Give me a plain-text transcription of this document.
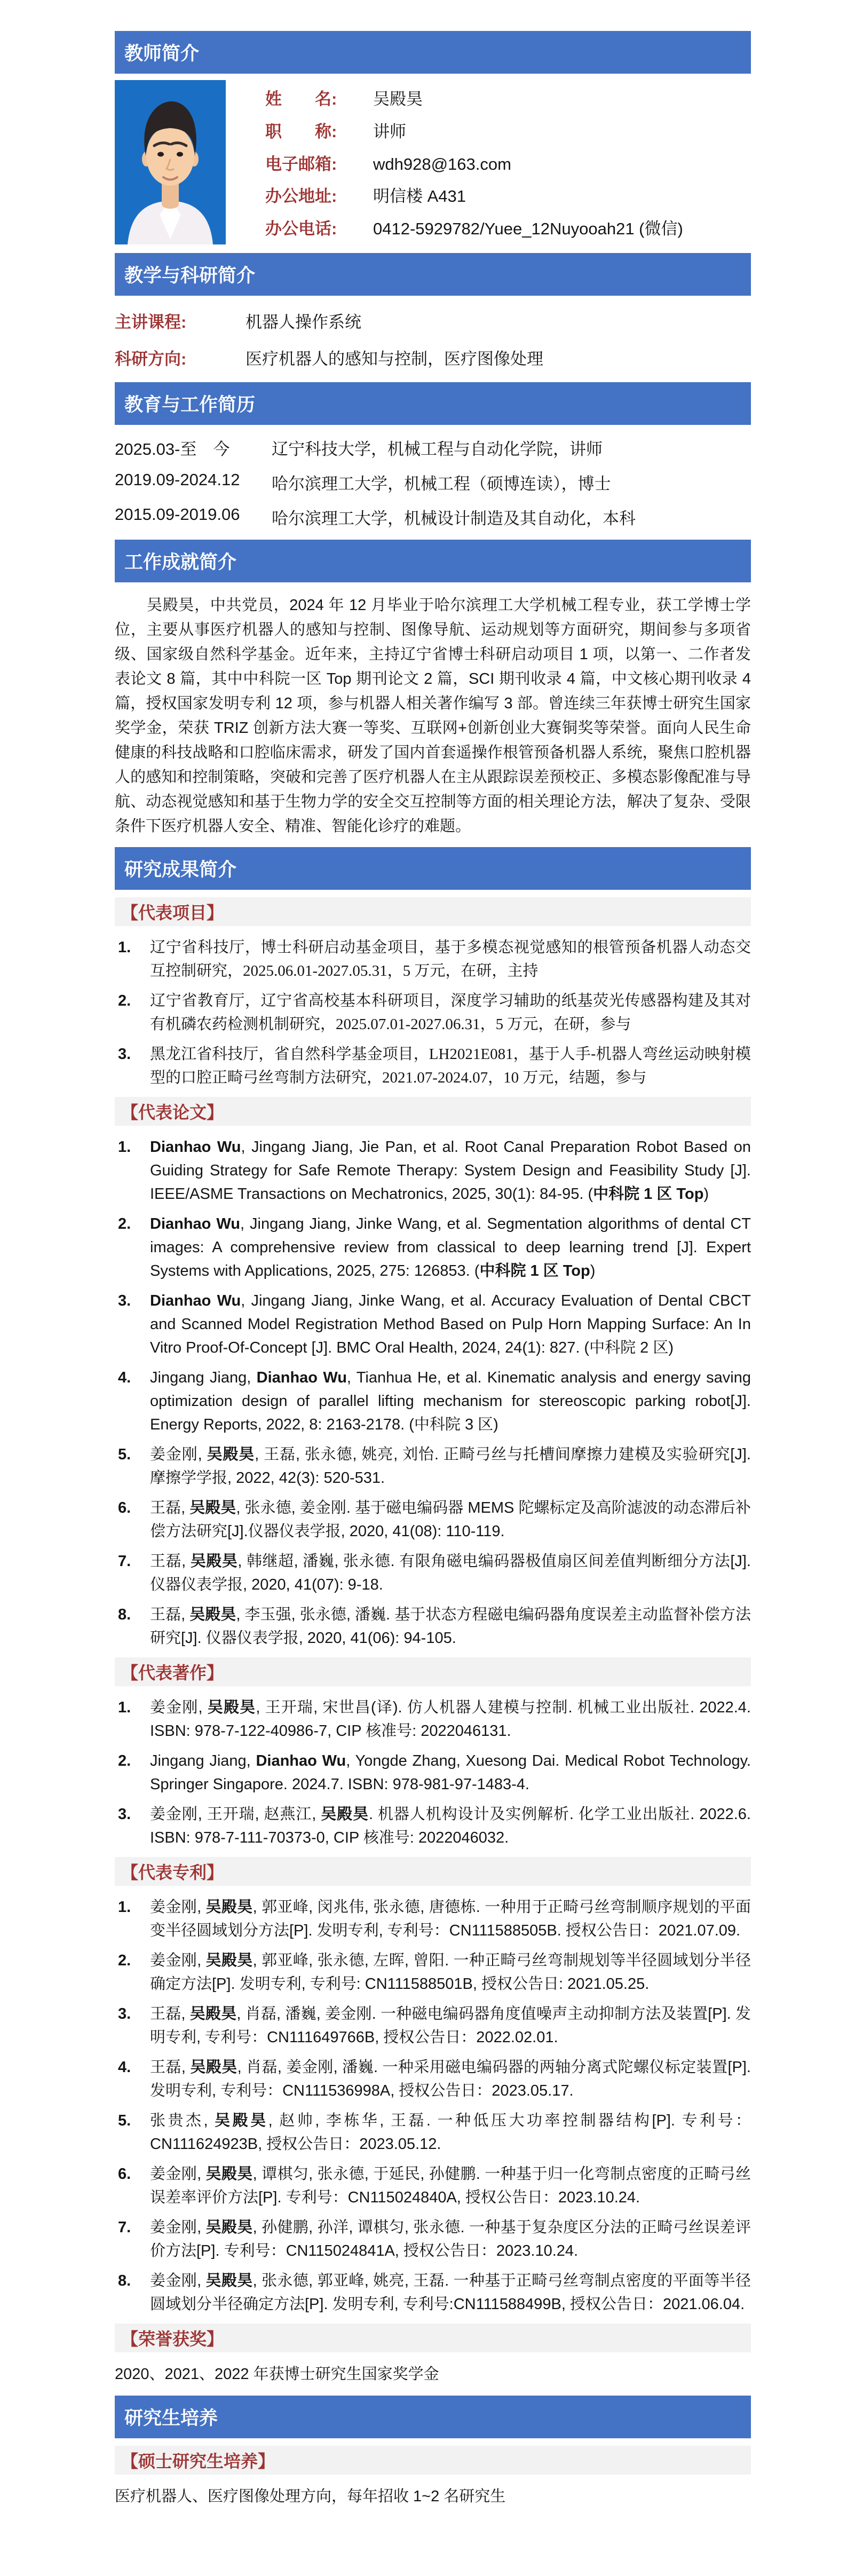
教师简介
姓　　名:	吴殿昊
职　　称:	讲师
电子邮箱:	wdh928@163.com
办公地址:	明信楼 A431
办公电话:	0412-5929782/Yuee_12Nuyooah21 (微信)
教学与科研简介
主讲课程:	机器人操作系统
科研方向:	医疗机器人的感知与控制，医疗图像处理
教育与工作简历
2025.03-至　今	辽宁科技大学，机械工程与自动化学院，讲师
2019.09-2024.12	哈尔滨理工大学，机械工程（硕博连读），博士
2015.09-2019.06	哈尔滨理工大学，机械设计制造及其自动化，本科
工作成就简介

吴殿昊，中共党员，2024 年 12 月毕业于哈尔滨理工大学机械工程专业，获工学博士学位，主要从事医疗机器人的感知与控制、图像导航、运动规划等方面研究，期间参与多项省级、国家级自然科学基金。近年来，主持辽宁省博士科研启动项目 1 项，以第一、二作者发表论文 8 篇，其中中科院一区 Top 期刊论文 2 篇，SCI 期刊收录 4 篇，中文核心期刊收录 4 篇，授权国家发明专利 12 项，参与机器人相关著作编写 3 部。曾连续三年获博士研究生国家奖学金，荣获 TRIZ 创新方法大赛一等奖、互联网+创新创业大赛铜奖等荣誉。面向人民生命健康的科技战略和口腔临床需求，研发了国内首套遥操作根管预备机器人系统，聚焦口腔机器人的感知和控制策略，突破和完善了医疗机器人在主从跟踪误差预校正、多模态影像配准与导航、动态视觉感知和基于生物力学的安全交互控制等方面的相关理论方法，解决了复杂、受限条件下医疗机器人安全、精准、智能化诊疗的难题。

研究成果简介
【代表项目】
1. 辽宁省科技厅，博士科研启动基金项目，基于多模态视觉感知的根管预备机器人动态交互控制研究，2025.06.01-2027.05.31，5 万元，在研，主持
2. 辽宁省教育厅，辽宁省高校基本科研项目，深度学习辅助的纸基荧光传感器构建及其对有机磷农药检测机制研究，2025.07.01-2027.06.31，5 万元，在研，参与
3. 黑龙江省科技厅，省自然科学基金项目，LH2021E081，基于人手-机器人弯丝运动映射模型的口腔正畸弓丝弯制方法研究，2021.07-2024.07，10 万元，结题，参与
【代表论文】
1. Dianhao Wu, Jingang Jiang, Jie Pan, et al. Root Canal Preparation Robot Based on Guiding Strategy for Safe Remote Therapy: System Design and Feasibility Study [J]. IEEE/ASME Transactions on Mechatronics, 2025, 30(1): 84-95. (中科院 1 区 Top)
2. Dianhao Wu, Jingang Jiang, Jinke Wang, et al. Segmentation algorithms of dental CT images: A comprehensive review from classical to deep learning trend [J]. Expert Systems with Applications, 2025, 275: 126853. (中科院 1 区 Top)
3. Dianhao Wu, Jingang Jiang, Jinke Wang, et al. Accuracy Evaluation of Dental CBCT and Scanned Model Registration Method Based on Pulp Horn Mapping Surface: An In Vitro Proof-Of-Concept [J]. BMC Oral Health, 2024, 24(1): 827. (中科院 2 区)
4. Jingang Jiang, Dianhao Wu, Tianhua He, et al. Kinematic analysis and energy saving optimization design of parallel lifting mechanism for stereoscopic parking robot[J]. Energy Reports, 2022, 8: 2163-2178. (中科院 3 区)
5. 姜金刚, 吴殿昊, 王磊, 张永德, 姚亮, 刘怡. 正畸弓丝与托槽间摩擦力建模及实验研究[J]. 摩擦学学报, 2022, 42(3): 520-531.
6. 王磊, 吴殿昊, 张永德, 姜金刚. 基于磁电编码器 MEMS 陀螺标定及高阶滤波的动态滞后补偿方法研究[J].仪器仪表学报, 2020, 41(08): 110-119.
7. 王磊, 吴殿昊, 韩继超, 潘巍, 张永德. 有限角磁电编码器极值扇区间差值判断细分方法[J].仪器仪表学报, 2020, 41(07): 9-18.
8. 王磊, 吴殿昊, 李玉强, 张永德, 潘巍. 基于状态方程磁电编码器角度误差主动监督补偿方法研究[J]. 仪器仪表学报, 2020, 41(06): 94-105.
【代表著作】
1. 姜金刚, 吴殿昊, 王开瑞, 宋世昌(译). 仿人机器人建模与控制. 机械工业出版社. 2022.4. ISBN: 978-7-122-40986-7, CIP 核准号: 2022046131.
2. Jingang Jiang, Dianhao Wu, Yongde Zhang, Xuesong Dai. Medical Robot Technology. Springer Singapore. 2024.7. ISBN: 978-981-97-1483-4.
3. 姜金刚, 王开瑞, 赵燕江, 吴殿昊. 机器人机构设计及实例解析. 化学工业出版社. 2022.6. ISBN: 978-7-111-70373-0, CIP 核准号: 2022046032.
【代表专利】
1. 姜金刚, 吴殿昊, 郭亚峰, 闵兆伟, 张永德, 唐德栋. 一种用于正畸弓丝弯制顺序规划的平面变半径圆域划分方法[P]. 发明专利, 专利号：CN111588505B. 授权公告日：2021.07.09.
2. 姜金刚, 吴殿昊, 郭亚峰, 张永德, 左晖, 曾阳. 一种正畸弓丝弯制规划等半径圆域划分半径确定方法[P]. 发明专利, 专利号: CN111588501B, 授权公告日: 2021.05.25.
3. 王磊, 吴殿昊, 肖磊, 潘巍, 姜金刚. 一种磁电编码器角度值噪声主动抑制方法及装置[P]. 发明专利, 专利号：CN111649766B, 授权公告日：2022.02.01.
4. 王磊, 吴殿昊, 肖磊, 姜金刚, 潘巍. 一种采用磁电编码器的两轴分离式陀螺仪标定装置[P]. 发明专利, 专利号：CN111536998A, 授权公告日：2023.05.17.
5. 张贵杰, 吴殿昊, 赵帅, 李栋华, 王磊. 一种低压大功率控制器结构[P]. 专利号：CN111624923B, 授权公告日：2023.05.12.
6. 姜金刚, 吴殿昊, 谭棋匀, 张永德, 于延民, 孙健鹏. 一种基于归一化弯制点密度的正畸弓丝误差率评价方法[P]. 专利号：CN115024840A, 授权公告日：2023.10.24.
7. 姜金刚, 吴殿昊, 孙健鹏, 孙洋, 谭棋匀, 张永德. 一种基于复杂度区分法的正畸弓丝误差评价方法[P]. 专利号：CN115024841A, 授权公告日：2023.10.24.
8. 姜金刚, 吴殿昊, 张永德, 郭亚峰, 姚亮, 王磊. 一种基于正畸弓丝弯制点密度的平面等半径圆域划分半径确定方法[P]. 发明专利, 专利号:CN111588499B, 授权公告日：2021.06.04.
【荣誉获奖】

2020、2021、2022 年获博士研究生国家奖学金

研究生培养
【硕士研究生培养】

医疗机器人、医疗图像处理方向，每年招收 1~2 名研究生
